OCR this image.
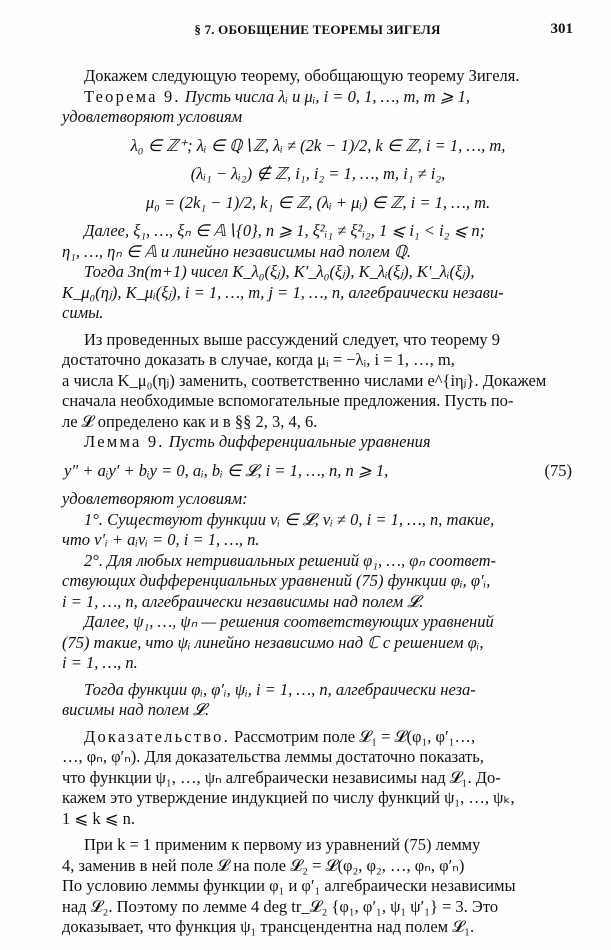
§ 7. ОБОБЩЕНИЕ ТЕОРЕМЫ ЗИГЕЛЯ	301

Докажем следующую теорему, обобщающую теорему Зигеля.

Теорема 9. Пусть числа λᵢ и μᵢ, i = 0, 1, …, m, m ⩾ 1,

удовлетворяют условиям

λ₀ ∈ ℤ⁺; λᵢ ∈ ℚ∖ℤ, λᵢ ≠ (2k − 1)/2, k ∈ ℤ, i = 1, …, m,
(λᵢ₁ − λᵢ₂) ∉ ℤ, i₁, i₂ = 1, …, m, i₁ ≠ i₂,
μ₀ = (2k₁ − 1)/2, k₁ ∈ ℤ, (λᵢ + μᵢ) ∈ ℤ, i = 1, …, m.

Далее, ξ₁, …, ξₙ ∈ 𝔸∖{0}, n ⩾ 1, ξ²ᵢ₁ ≠ ξ²ᵢ₂, 1 ⩽ i₁ < i₂ ⩽ n;

η₁, …, ηₙ ∈ 𝔸 и линейно независимы над полем ℚ.

Тогда 3n(m+1) чисел K_λ₀(ξⱼ), K′_λ₀(ξⱼ), K_λᵢ(ξⱼ), K′_λᵢ(ξⱼ),

K_μ₀(ηⱼ), K_μᵢ(ξⱼ), i = 1, …, m, j = 1, …, n, алгебраически незави-

симы.

Из проведенных выше рассуждений следует, что теорему 9

достаточно доказать в случае, когда μᵢ = −λᵢ, i = 1, …, m,

а числа K_μ₀(ηⱼ) заменить, соответственно числами e^{iηⱼ}. Докажем

сначала необходимые вспомогательные предложения. Пусть по-

ле 𝓛 определено как и в §§ 2, 3, 4, 6.

Лемма 9. Пусть дифференциальные уравнения

y″ + aᵢy′ + bᵢy = 0, aᵢ, bᵢ ∈ 𝓛, i = 1, …, n, n ⩾ 1,	(75)

удовлетворяют условиям:

1°. Существуют функции vᵢ ∈ 𝓛, vᵢ ≠ 0, i = 1, …, n, такие,

что v′ᵢ + aᵢvᵢ = 0, i = 1, …, n.

2°. Для любых нетривиальных решений φ₁, …, φₙ соответ-

ствующих дифференциальных уравнений (75) функции φᵢ, φ′ᵢ,

i = 1, …, n, алгебраически независимы над полем 𝓛.

Далее, ψ₁, …, ψₙ — решения соответствующих уравнений

(75) такие, что ψᵢ линейно независимо над ℂ с решением φᵢ,

i = 1, …, n.

Тогда функции φᵢ, φ′ᵢ, ψᵢ, i = 1, …, n, алгебраически неза-

висимы над полем 𝓛.

Доказательство. Рассмотрим поле 𝓛₁ = 𝓛(φ₁, φ′₁…,

…, φₙ, φ′ₙ). Для доказательства леммы достаточно показать,

что функции ψ₁, …, ψₙ алгебраически независимы над 𝓛₁. До-

кажем это утверждение индукцией по числу функций ψ₁, …, ψₖ,

1 ⩽ k ⩽ n.

При k = 1 применим к первому из уравнений (75) лемму

4, заменив в ней поле 𝓛 на поле 𝓛₂ = 𝓛(φ₂, φ₂, …, φₙ, φ′ₙ)

По условию леммы функции φ₁ и φ′₁ алгебраически независимы

над 𝓛₂. Поэтому по лемме 4 deg tr_𝓛₂ {φ₁, φ′₁, ψ₁ ψ′₁} = 3. Это

доказывает, что функция ψ₁ трансцендентна над полем 𝓛₁.
